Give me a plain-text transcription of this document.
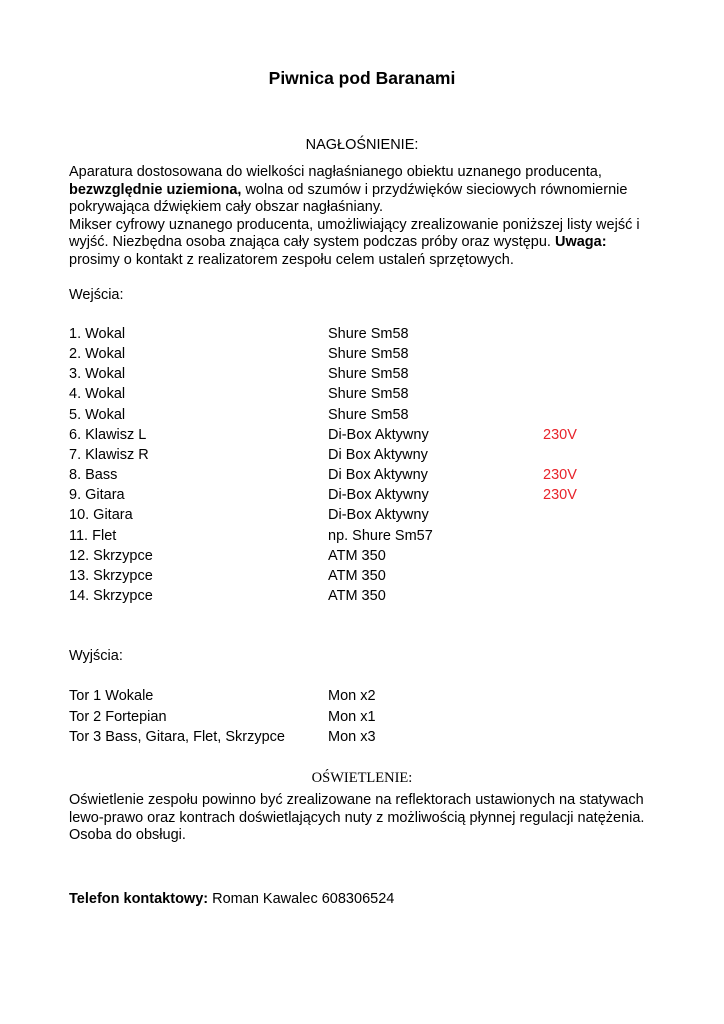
Piwnica pod Baranami
NAGŁOŚNIENIE:
Aparatura dostosowana do wielkości nagłaśnianego obiektu uznanego producenta,
bezwzględnie uziemiona, wolna od szumów i przydźwięków sieciowych równomiernie pokrywająca dźwiękiem cały obszar nagłaśniany.
Mikser cyfrowy uznanego producenta, umożliwiający zrealizowanie poniższej listy wejść i wyjść. Niezbędna osoba znająca cały system podczas próby oraz występu. Uwaga: prosimy o kontakt z realizatorem zespołu celem ustaleń sprzętowych.
Wejścia:
1. Wokal	Shure Sm58
2. Wokal	Shure Sm58
3. Wokal	Shure Sm58
4. Wokal	Shure Sm58
5. Wokal	Shure Sm58
6. Klawisz L	Di-Box Aktywny	230V
7. Klawisz R	Di Box Aktywny
8. Bass	Di Box Aktywny	230V
9. Gitara	Di-Box Aktywny	230V
10. Gitara	Di-Box Aktywny
11. Flet	np. Shure Sm57
12. Skrzypce	ATM 350
13. Skrzypce	ATM 350
14. Skrzypce	ATM 350
Wyjścia:
Tor 1 Wokale	Mon x2
Tor 2 Fortepian	Mon x1
Tor 3 Bass, Gitara, Flet, Skrzypce	Mon x3
OŚWIETLENIE:
Oświetlenie zespołu powinno być zrealizowane na reflektorach ustawionych na statywach lewo-prawo oraz kontrach doświetlających nuty z możliwością płynnej regulacji natężenia. Osoba do obsługi.
Telefon kontaktowy: Roman Kawalec 608306524
